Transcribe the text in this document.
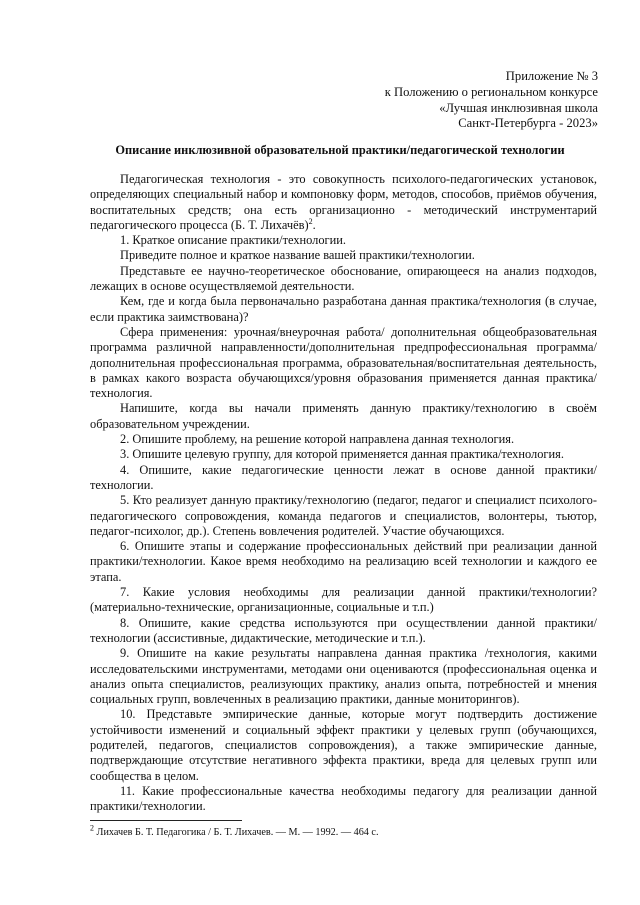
Приложение № 3
к Положению о региональном конкурсе
«Лучшая инклюзивная школа
Санкт-Петербурга - 2023»
Описание инклюзивной образовательной практики/педагогической технологии

Педагогическая технология - это совокупность психолого-педагогических установок, определяющих специальный набор и компоновку форм, методов, способов, приёмов обучения, воспитательных средств; она есть организационно - методический инструментарий педагогического процесса (Б. Т. Лихачёв)$^2$.

1. Краткое описание практики/технологии.

Приведите полное и краткое название вашей практики/технологии.

Представьте ее научно-теоретическое обоснование, опирающееся на анализ подходов, лежащих в основе осуществляемой деятельности.

Кем, где и когда была первоначально разработана данная практика/технология (в случае, если практика заимствована)?

Сфера применения: урочная/внеурочная работа/ дополнительная общеобразовательная программа различной направленности/дополнительная предпрофессиональная программа/ дополнительная профессиональная программа, образовательная/воспитательная деятельность, в рамках какого возраста обучающихся/уровня образования применяется данная практика/технология.

Напишите, когда вы начали применять данную практику/технологию в своём образовательном учреждении.

2. Опишите проблему, на решение которой направлена данная технология.

3. Опишите целевую группу, для которой применяется данная практика/технология.

4. Опишите, какие педагогические ценности лежат в основе данной практики/технологии.

5. Кто реализует данную практику/технологию (педагог, педагог и специалист психолого-педагогического сопровождения, команда педагогов и специалистов, волонтеры, тьютор, педагог-психолог, др.). Степень вовлечения родителей. Участие обучающихся.

6. Опишите этапы и содержание профессиональных действий при реализации данной практики/технологии. Какое время необходимо на реализацию всей технологии и каждого ее этапа.

7. Какие условия необходимы для реализации данной практики/технологии? (материально-технические, организационные, социальные и т.п.)

8. Опишите, какие средства используются при осуществлении данной практики/технологии (ассистивные, дидактические, методические и т.п.).

9. Опишите на какие результаты направлена данная практика /технология, какими исследовательскими инструментами, методами они оцениваются (профессиональная оценка и анализ опыта специалистов, реализующих практику, анализ опыта, потребностей и мнения социальных групп, вовлеченных в реализацию практики, данные мониторингов).

10. Представьте эмпирические данные, которые могут подтвердить достижение устойчивости изменений и социальный эффект практики у целевых групп (обучающихся, родителей, педагогов, специалистов сопровождения), а также эмпирические данные, подтверждающие отсутствие негативного эффекта практики, вреда для целевых групп или сообщества в целом.

11. Какие профессиональные качества необходимы педагогу для реализации данной практики/технологии.

$^2$ Лихачев Б. Т. Педагогика / Б. Т. Лихачев. — М. — 1992. — 464 с.
